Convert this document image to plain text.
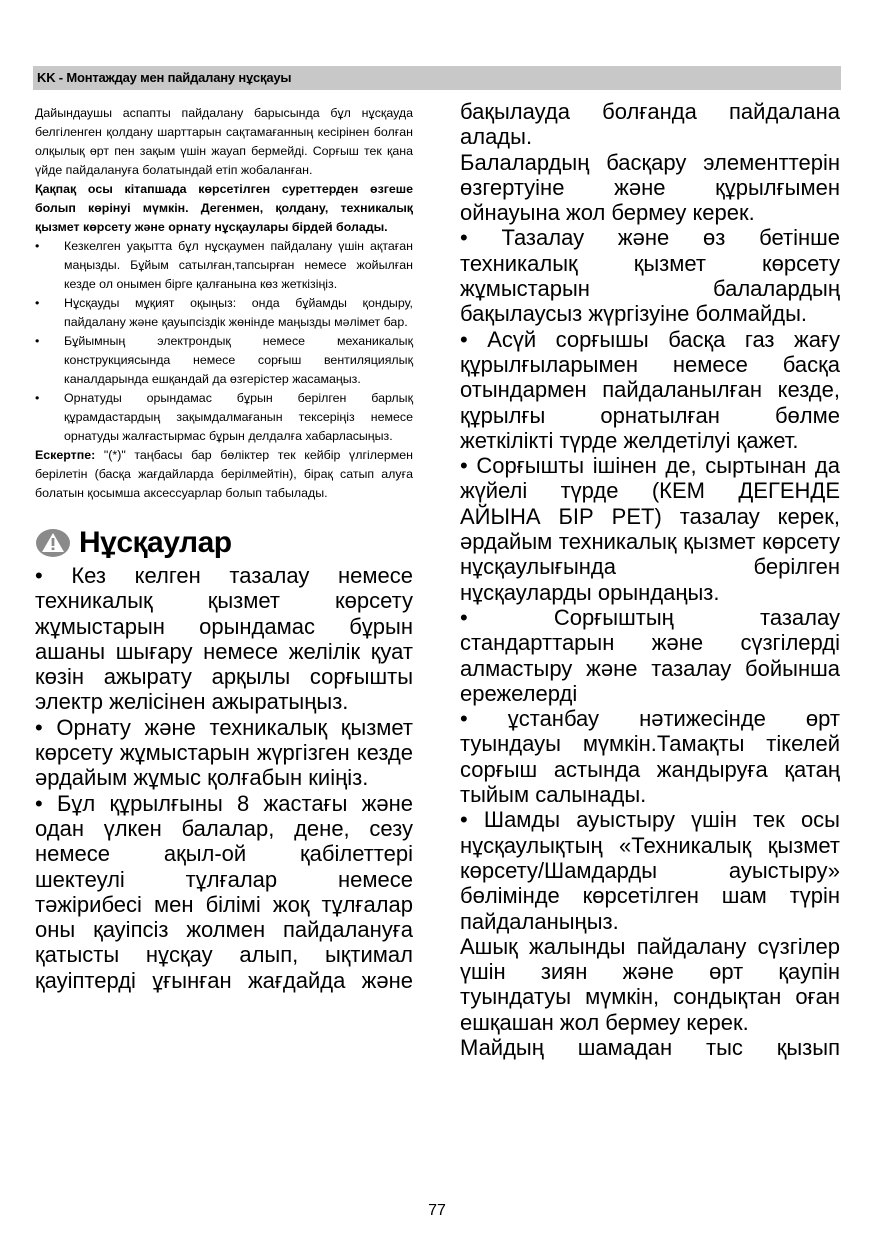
KK - Монтаждау мен пайдалану нұсқауы

Дайындаушы аспапты пайдалану барысында бұл нұсқауда белгіленген қолдану шарттарын сақтамағанның кесірінен болған олқылық өрт пен зақым үшін жауап бермейді. Сорғыш тек қана үйде пайдалануға болатындай етіп жобаланған.

Қақпақ осы кітапшада көрсетілген суреттерден өзгеше болып көрінуі мүмкін. Дегенмен, қолдану, техникалық қызмет көрсету және орнату нұсқаулары бірдей болады.

• Кезкелген уақытта бұл нұсқаумен пайдалану үшін ақтаған маңызды. Бұйым сатылған,тапсырған немесе жойылған кезде ол онымен бірге қалғанына көз жеткізіңіз.
• Нұсқауды мұқият оқыңыз: онда бұйамды қондыру, пайдалану және қауыпсіздік жөнінде маңызды мәлімет бар.
• Бұйымның электрондық немесе механикалық конструкциясында немесе сорғыш вентиляциялық каналдарында ешқандай да өзгерістер жасамаңыз.
• Орнатуды орындамас бұрын берілген барлық құрамдастардың зақымдалмағанын тексеріңіз немесе орнатуды жалғастырмас бұрын делдалға хабарласыңыз.

Ескертпе: "(*)" таңбасы бар бөліктер тек кейбір үлгілермен берілетін (басқа жағдайларда берілмейтін), бірақ сатып алуға болатын қосымша аксессуарлар болып табылады.

Нұсқаулар

• Кез келген тазалау немесе техникалық қызмет көрсету жұмыстарын орындамас бұрын ашаны шығару немесе желілік қуат көзін ажырату арқылы сорғышты электр желісінен ажыратыңыз.

• Орнату және техникалық қызмет көрсету жұмыстарын жүргізген кезде әрдайым жұмыс қолғабын киіңіз.

• Бұл құрылғыны 8 жастағы және одан үлкен балалар, дене, сезу немесе ақыл-ой қабілеттері шектеулі тұлғалар немесе тәжірибесі мен білімі жоқ тұлғалар оны қауіпсіз жолмен пайдалануға қатысты нұсқау алып, ықтимал қауіптерді ұғынған жағдайда және

бақылауда болғанда пайдалана алады.

Балалардың басқару элементтерін өзгертуіне және құрылғымен ойнауына жол бермеу керек.

• Тазалау және өз бетінше техникалық қызмет көрсету жұмыстарын балалардың бақылаусыз жүргізуіне болмайды.

• Асүй сорғышы басқа газ жағу құрылғыларымен немесе басқа отындармен пайдаланылған кезде, құрылғы орнатылған бөлме жеткілікті түрде желдетілуі қажет.

• Сорғышты ішінен де, сыртынан да жүйелі түрде (КЕМ ДЕГЕНДЕ АЙЫНА БІР РЕТ) тазалау керек, әрдайым техникалық қызмет көрсету нұсқаулығында берілген нұсқауларды орындаңыз.

• Сорғыштың тазалау стандарттарын және сүзгілерді алмастыру және тазалау бойынша ережелерді

• ұстанбау нәтижесінде өрт туындауы мүмкін.Тамақты тікелей сорғыш астында жандыруға қатаң тыйым салынады.

• Шамды ауыстыру үшін тек осы нұсқаулықтың «Техникалық қызмет көрсету/Шамдарды ауыстыру» бөлімінде көрсетілген шам түрін пайдаланыңыз.

Ашық жалынды пайдалану сүзгілер үшін зиян және өрт қаупін туындатуы мүмкін, сондықтан оған ешқашан жол бермеу керек.

Майдың шамадан тыс қызып

77
